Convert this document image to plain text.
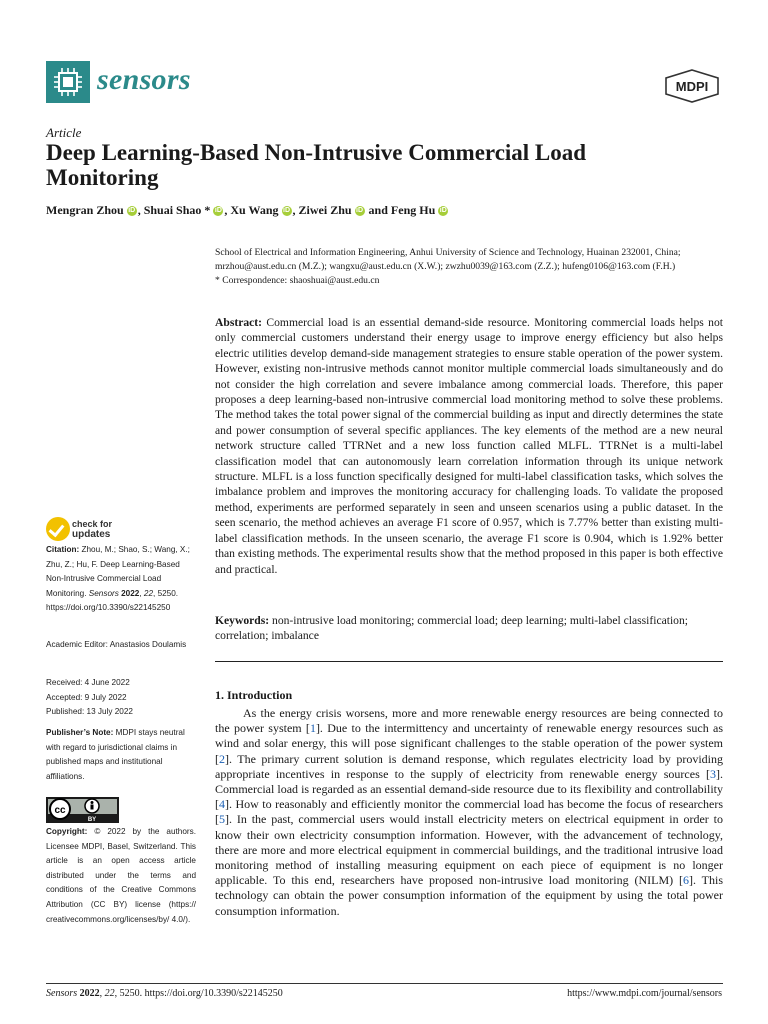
sensors	MDPI
Article
Deep Learning-Based Non-Intrusive Commercial Load Monitoring
Mengran Zhou iD , Shuai Shao * iD , Xu Wang iD , Ziwei Zhu iD and Feng Hu iD
School of Electrical and Information Engineering, Anhui University of Science and Technology, Huainan 232001, China; mrzhou@aust.edu.cn (M.Z.); wangxu@aust.edu.cn (X.W.); zwzhu0039@163.com (Z.Z.); hufeng0106@163.com (F.H.)
* Correspondence: shaoshuai@aust.edu.cn
Abstract: Commercial load is an essential demand-side resource. Monitoring commercial loads helps not only commercial customers understand their energy usage to improve energy efficiency but also helps electric utilities develop demand-side management strategies to ensure stable operation of the power system. However, existing non-intrusive methods cannot monitor multiple commercial loads simultaneously and do not consider the high correlation and severe imbalance among commercial loads. Therefore, this paper proposes a deep learning-based non-intrusive commercial load monitoring method to solve these problems. The method takes the total power signal of the commercial building as input and directly determines the state and power consumption of several specific appliances. The key elements of the method are a new neural network structure called TTRNet and a new loss function called MLFL. TTRNet is a multi-label classification model that can autonomously learn correlation information through its unique network structure. MLFL is a loss function specifically designed for multi-label classification tasks, which solves the imbalance problem and improves the monitoring accuracy for challenging loads. To validate the proposed method, experiments are performed separately in seen and unseen scenarios using a public dataset. In the seen scenario, the method achieves an average F1 score of 0.957, which is 7.77% better than existing multi-label classification methods. In the unseen scenario, the average F1 score is 0.904, which is 1.92% better than existing methods. The experimental results show that the method proposed in this paper is both effective and practical.
Keywords: non-intrusive load monitoring; commercial load; deep learning; multi-label classification; correlation; imbalance
1. Introduction
As the energy crisis worsens, more and more renewable energy resources are being connected to the power system [1]. Due to the intermittency and uncertainty of renewable energy resources such as wind and solar energy, this will pose significant challenges to the stable operation of the power system [2]. The primary current solution is demand response, which regulates electricity load by providing appropriate incentives in response to the supply of electricity from renewable energy sources [3]. Commercial load is regarded as an essential demand-side resource due to its flexibility and controllability [4]. How to reasonably and efficiently monitor the commercial load has become the focus of researchers [5]. In the past, commercial users would install electricity meters on electrical equipment in order to know their own electricity consumption information. However, with the advancement of technology, there are more and more electrical equipment in commercial buildings, and the traditional intrusive load monitoring method of installing measuring equipment on each piece of equipment is no longer applicable. To this end, researchers have proposed non-intrusive load monitoring (NILM) [6]. This technology can obtain the power consumption information of the equipment by using the total power consumption information.
check for
updates
Citation: Zhou, M.; Shao, S.; Wang, X.; Zhu, Z.; Hu, F. Deep Learning-Based Non-Intrusive Commercial Load Monitoring. Sensors 2022, 22, 5250. https://doi.org/10.3390/s22145250
Academic Editor: Anastasios Doulamis
Received: 4 June 2022
Accepted: 9 July 2022
Published: 13 July 2022
Publisher’s Note: MDPI stays neutral with regard to jurisdictional claims in published maps and institutional affiliations.
cc
BY
Copyright: © 2022 by the authors. Licensee MDPI, Basel, Switzerland. This article is an open access article distributed under the terms and conditions of the Creative Commons Attribution (CC BY) license (https:// creativecommons.org/licenses/by/ 4.0/).
Sensors 2022, 22, 5250. https://doi.org/10.3390/s22145250	https://www.mdpi.com/journal/sensors
